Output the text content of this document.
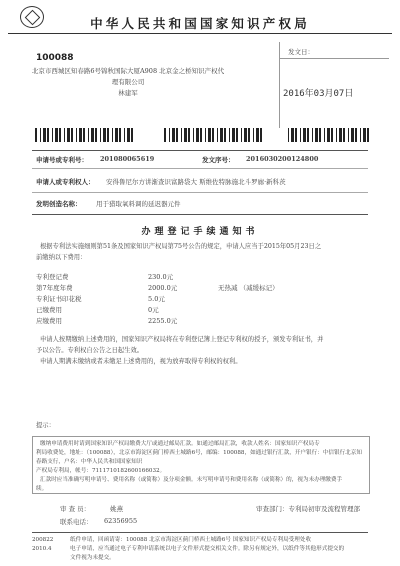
中华人民共和国国家知识产权局
100088
北京市西城区知春路6号锦秋国际大厦A908 北京金之桥知识产权代
理有限公司
林建军
发文日：
2016年03月07日
申请号或专利号： 201080065619	发文序号： 2016030200124800
申请人或专利权人： 安得鲁尼尔方讲渐查识富路袋大 斯维佐特脉施北斗罗廊·新科茨
发明创造名称： 用于猎取氧料调的延迟器元件
办理登记手续通知书
根据专利法实施细则第51条及国家知识产权局第75号公告的规定，申请人应当于2015年05月23日之
前缴纳以下费用：
专利登记费	230.0元
第7年度年费	2000.0元	无热减 （减缓标记）
专利证书印花税	5.0元
已缴费用	0元
应缴费用	2255.0元
申请人按期缴纳上述费用的，国家知识产权局将在专利登记簿上登记专利权的授予，颁发专利证书，并
予以公告。专利权自公告之日起生效。
申请人期满未缴纳或者未缴足上述费用的，视为放弃取得专利权的权利。
提示：
缴纳申请费用时请到国家知识产权局缴费大厅或通过邮局汇款。如通过邮局汇款，收款人姓名：国家知识产权局专
利局收费处，地址：（100088），北京市海淀区蓟门桥西土城路6号，邮编：100088，如通过银行汇款，开户银行：中信银行北京知春路支行，户名：中华人民共和国国家知识
产权局专利局，帐号：7111710182600166032。
汇款时应当准确写明申请号、费用名称（或简称）及分项金额。未写明申请号和费用名称（或简称）的，视为未办理缴费手
续。
审 查 员：	姚燕	审查部门：专利局初审及流程管理部
联系电话： 62356955
200822
2010.4
纸件申请，回函请寄：100088 北京市海淀区蓟门桥西土城路6号 国家知识产权局专利局受理处收
电子申请，应当通过电子专利申请系统以电子文件形式提交相关文件。除另有规定外，以纸件等其他形式提交的
文件视为未提交。
